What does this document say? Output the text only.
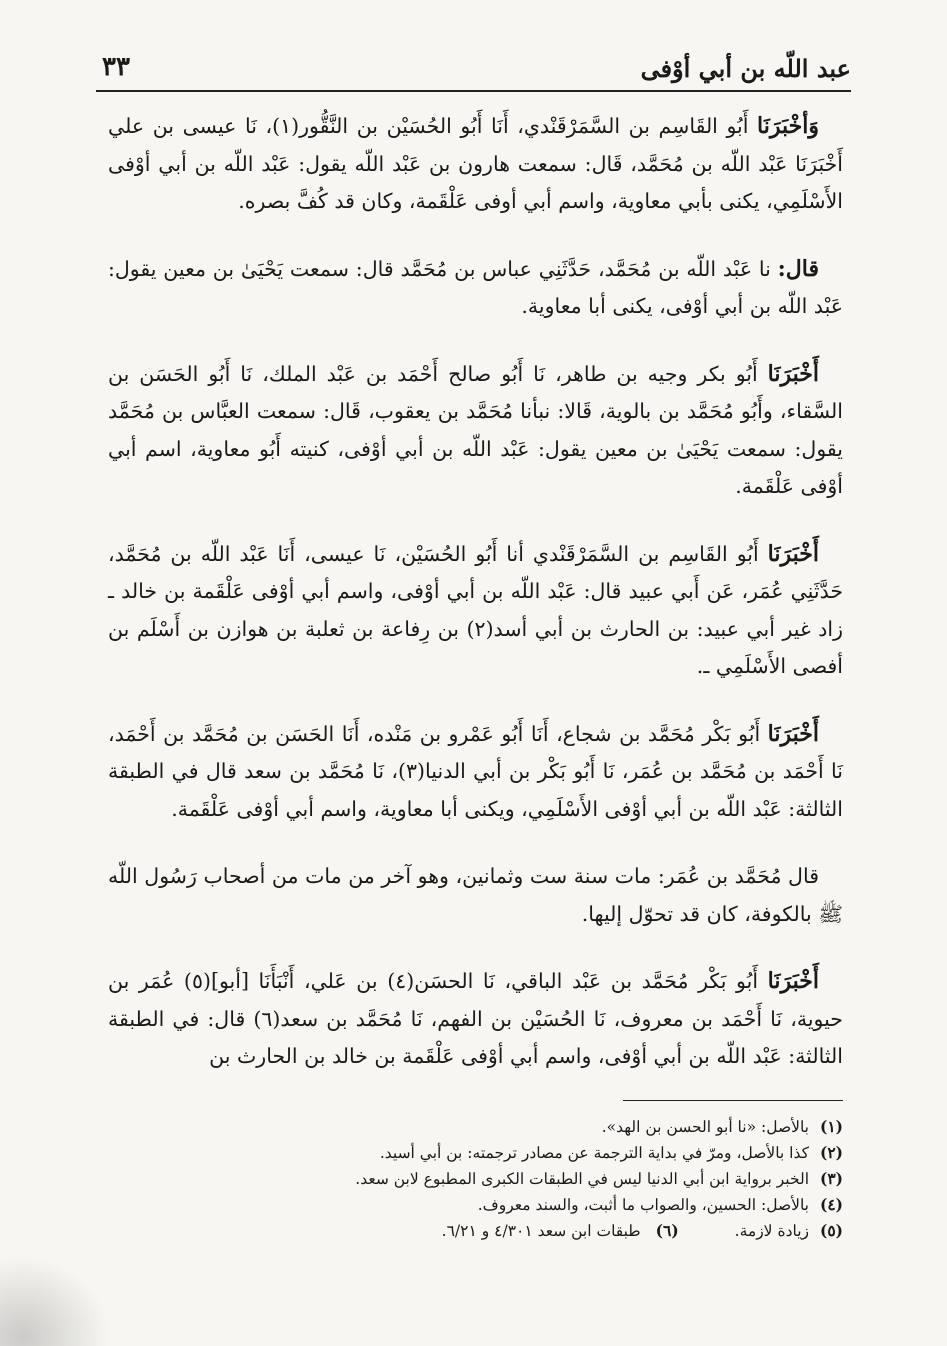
عبد اللّه بن أبي أوْفى
٣٣

وَأخْبَرَنَا أَبُو القَاسِم بن السَّمَرْقَنْدي، أَنَا أَبُو الحُسَيْن بن النَّقُّور(١)، نَا عيسى بن علي أَخْبَرَنَا عَبْد اللّه بن مُحَمَّد، قَال: سمعت هارون بن عَبْد اللّه يقول: عَبْد اللّه بن أبي أوْفى الأَسْلَمِي، يكنى بأبي معاوية، واسم أبي أوفى عَلْقَمة، وكان قد كُفَّ بصره.

قال: نا عَبْد اللّه بن مُحَمَّد، حَدَّثَنِي عباس بن مُحَمَّد قال: سمعت يَحْيَىٰ بن معين يقول: عَبْد اللّه بن أبي أوْفى، يكنى أبا معاوية.

أَخْبَرَنَا أَبُو بكر وجيه بن طاهر، نَا أَبُو صالح أَحْمَد بن عَبْد الملك، نَا أَبُو الحَسَن بن السَّقاء، وأَبُو مُحَمَّد بن بالوية، قَالا: نبأنا مُحَمَّد بن يعقوب، قَال: سمعت العبَّاس بن مُحَمَّد يقول: سمعت يَحْيَىٰ بن معين يقول: عَبْد اللّه بن أبي أوْفى، كنيته أَبُو معاوية، اسم أبي أوْفى عَلْقَمة.

أَخْبَرَنَا أَبُو القَاسِم بن السَّمَرْقَنْدي أنا أَبُو الحُسَيْن، نَا عيسى، أَنَا عَبْد اللّه بن مُحَمَّد، حَدَّثَنِي عُمَر، عَن أَبي عبيد قال: عَبْد اللّه بن أبي أوْفى، واسم أبي أوْفى عَلْقَمة بن خالد ـ زاد غير أبي عبيد: بن الحارث بن أبي أسد(٢) بن رِفاعة بن ثعلبة بن هوازن بن أَسْلَم بن أفصى الأَسْلَمِي ـ.

أَخْبَرَنَا أَبُو بَكْر مُحَمَّد بن شجاع، أَنَا أَبُو عَمْرو بن مَنْده، أَنَا الحَسَن بن مُحَمَّد بن أَحْمَد، نَا أَحْمَد بن مُحَمَّد بن عُمَر، نَا أَبُو بَكْر بن أبي الدنيا(٣)، نَا مُحَمَّد بن سعد قال في الطبقة الثالثة: عَبْد اللّه بن أبي أوْفى الأَسْلَمِي، ويكنى أبا معاوية، واسم أبي أوْفى عَلْقَمة.

قال مُحَمَّد بن عُمَر: مات سنة ست وثمانين، وهو آخر من مات من أصحاب رَسُول اللّه ﷺ بالكوفة، كان قد تحوّل إليها.

أَخْبَرَنَا أَبُو بَكْر مُحَمَّد بن عَبْد الباقي، نَا الحسَن(٤) بن عَلي، أَنْبَأَنَا [أبو](٥) عُمَر بن حيوية، نَا أَحْمَد بن معروف، نَا الحُسَيْن بن الفهم، نَا مُحَمَّد بن سعد(٦) قال: في الطبقة الثالثة: عَبْد اللّه بن أبي أوْفى، واسم أبي أوْفى عَلْقَمة بن خالد بن الحارث بن

(١)بالأصل: «نا أبو الحسن بن الهد».

(٢)كذا بالأصل، ومرّ في بداية الترجمة عن مصادر ترجمته: بن أبي أسيد.

(٣)الخبر برواية ابن أبي الدنيا ليس في الطبقات الكبرى المطبوع لابن سعد.

(٤)بالأصل: الحسين، والصواب ما أثبت، والسند معروف.

(٥)زيادة لازمة.(٦)طبقات ابن سعد ٤/٣٠١ و ٦/٢١.
